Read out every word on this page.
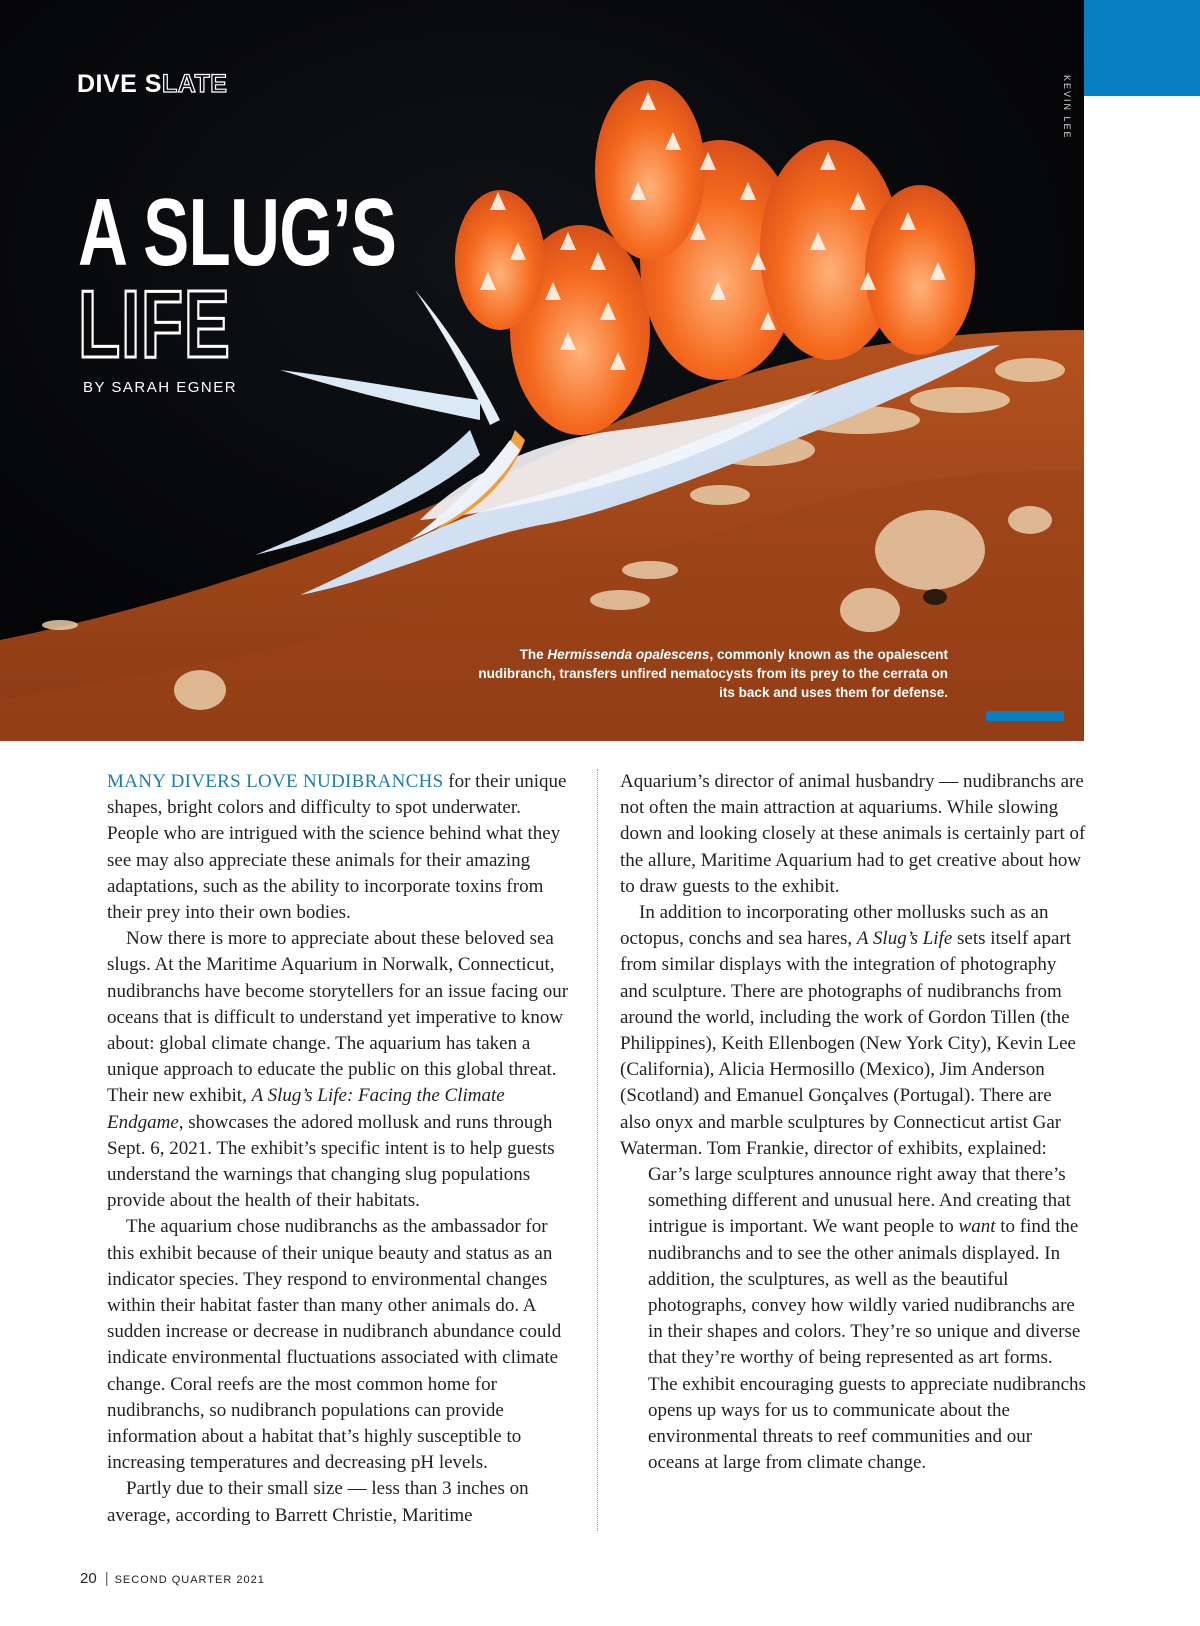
DIVE SLATE	KEVIN LEE
A SLUG’S
LIFE
BY SARAH EGNER
The Hermissenda opalescens, commonly known as the opalescent nudibranch, transfers unfired nematocysts from its prey to the cerrata on its back and uses them for defense.

MANY DIVERS LOVE NUDIBRANCHS for their unique shapes, bright colors and difficulty to spot underwater. People who are intrigued with the science behind what they see may also appreciate these animals for their amazing adaptations, such as the ability to incorporate toxins from their prey into their own bodies.

Now there is more to appreciate about these beloved sea slugs. At the Maritime Aquarium in Norwalk, Connecticut, nudibranchs have become storytellers for an issue facing our oceans that is difficult to understand yet imperative to know about: global climate change. The aquarium has taken a unique approach to educate the public on this global threat. Their new exhibit, A Slug’s Life: Facing the Climate Endgame, showcases the adored mollusk and runs through Sept. 6, 2021. The exhibit’s specific intent is to help guests understand the warnings that changing slug populations provide about the health of their habitats.

The aquarium chose nudibranchs as the ambassador for this exhibit because of their unique beauty and status as an indicator species. They respond to environmental changes within their habitat faster than many other animals do. A sudden increase or decrease in nudibranch abundance could indicate environmental fluctuations associated with climate change. Coral reefs are the most common home for nudibranchs, so nudibranch populations can provide information about a habitat that’s highly susceptible to increasing temperatures and decreasing pH levels.

Partly due to their small size — less than 3 inches on average, according to Barrett Christie, Maritime

Aquarium’s director of animal husbandry — nudibranchs are not often the main attraction at aquariums. While slowing down and looking closely at these animals is certainly part of the allure, Maritime Aquarium had to get creative about how to draw guests to the exhibit.

In addition to incorporating other mollusks such as an octopus, conchs and sea hares, A Slug’s Life sets itself apart from similar displays with the integration of photography and sculpture. There are photographs of nudibranchs from around the world, including the work of Gordon Tillen (the Philippines), Keith Ellenbogen (New York City), Kevin Lee (California), Alicia Hermosillo (Mexico), Jim Anderson (Scotland) and Emanuel Gonçalves (Portugal). There are also onyx and marble sculptures by Connecticut artist Gar Waterman. Tom Frankie, director of exhibits, explained:

Gar’s large sculptures announce right away that there’s something different and unusual here. And creating that intrigue is important. We want people to want to find the nudibranchs and to see the other animals displayed. In addition, the sculptures, as well as the beautiful photographs, convey how wildly varied nudibranchs are in their shapes and colors. They’re so unique and diverse that they’re worthy of being represented as art forms. The exhibit encouraging guests to appreciate nudibranchs opens up ways for us to communicate about the environmental threats to reef communities and our oceans at large from climate change.

20 | SECOND QUARTER 2021
